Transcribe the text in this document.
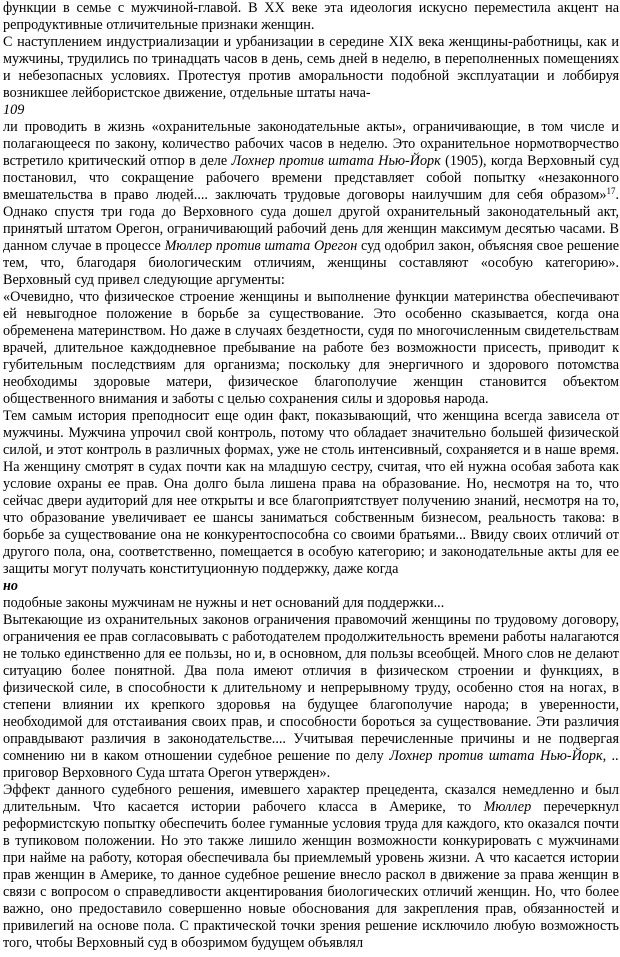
функции в семье с мужчиной-главой. В XX веке эта идеология искусно переместила акцент на репродуктивные отличительные признаки женщин.

С наступлением индустриализации и урбанизации в середине XIX века женщины-работницы, как и мужчины, трудились по тринадцать часов в день, семь дней в неделю, в переполненных помещениях и небезопасных условиях. Протестуя против аморальности подобной эксплуатации и лоббируя возникшее лейбористское движение, отдельные штаты нача-

109

ли проводить в жизнь «охранительные законодательные акты», ограничивающие, в том числе и полагающееся по закону, количество рабочих часов в неделю. Это охранительное нормотворчество встретило критический отпор в деле Лохнер против штата Нью-Йорк (1905), когда Верховный суд постановил, что сокращение рабочего времени представляет собой попытку «незаконного вмешательства в право людей.... заключать трудовые договоры наилучшим для себя образом»$^{17}$. Однако спустя три года до Верховного суда дошел другой охранительный законодательный акт, принятый штатом Орегон, ограничивающий рабочий день для женщин максимум десятью часами. В данном случае в процессе Мюллер против штата Орегон суд одобрил закон, объясняя свое решение тем, что, благодаря биологическим отличиям, женщины составляют «особую категорию». Верховный суд привел следующие аргументы:

«Очевидно, что физическое строение женщины и выполнение функции материнства обеспечивают ей невыгодное положение в борьбе за существование. Это особенно сказывается, когда она обременена материнством. Но даже в случаях бездетности, судя по многочисленным свидетельствам врачей, длительное каждодневное пребывание на работе без возможности присесть, приводит к губительным последствиям для организма; поскольку для энергичного и здорового потомства необходимы здоровые матери, физическое благополучие женщин становится объектом общественного внимания и заботы с целью сохранения силы и здоровья народа.

Тем самым история преподносит еще один факт, показывающий, что женщина всегда зависела от мужчины. Мужчина упрочил свой контроль, потому что обладает значительно большей физической силой, и этот контроль в различных формах, уже не столь интенсивный, сохраняется и в наше время. На женщину смотрят в судах почти как на младшую сестру, считая, что ей нужна особая забота как условие охраны ее прав. Она долго была лишена права на образование. Но, несмотря на то, что сейчас двери аудиторий для нее открыты и все благоприятствует получению знаний, несмотря на то, что образование увеличивает ее шансы заниматься собственным бизнесом, реальность такова: в борьбе за существование она не конкурентоспособна со своими братьями... Ввиду своих отличий от другого пола, она, соответственно, помещается в особую категорию; и законодательные акты для ее защиты могут получать конституционную поддержку, даже когда

но

подобные законы мужчинам не нужны и нет оснований для поддержки...

Вытекающие из охранительных законов ограничения правомочий женщины по трудовому договору, ограничения ее прав согласовывать с работодателем продолжительность времени работы налагаются не только единственно для ее пользы, но и, в основном, для пользы всеобщей. Много слов не делают ситуацию более понятной. Два пола имеют отличия в физическом строении и функциях, в физической силе, в способности к длительному и непрерывному труду, особенно стоя на ногах, в степени влиянии их крепкого здоровья на будущее благополучие народа; в уверенности, необходимой для отстаивания своих прав, и способности бороться за существование. Эти различия оправдывают различия в законодательстве.... Учитывая перечисленные причины и не подвергая сомнению ни в каком отношении судебное решение по делу Лохнер против штата Нью-Йорк, .. приговор Верховного Суда штата Орегон утвержден».

Эффект данного судебного решения, имевшего характер прецедента, сказался немедленно и был длительным. Что касается истории рабочего класса в Америке, то Мюллер перечеркнул реформистскую попытку обеспечить более гуманные условия труда для каждого, кто оказался почти в тупиковом положении. Но это также лишило женщин возможности конкурировать с мужчинами при найме на работу, которая обеспечивала бы приемлемый уровень жизни. А что касается истории прав женщин в Америке, то данное судебное решение внесло раскол в движение за права женщин в связи с вопросом о справедливости акцентирования биологических отличий женщин. Но, что более важно, оно предоставило совершенно новые обоснования для закрепления прав, обязанностей и привилегий на основе пола. С практической точки зрения решение исключило любую возможность того, чтобы Верховный суд в обозримом будущем объявлял
